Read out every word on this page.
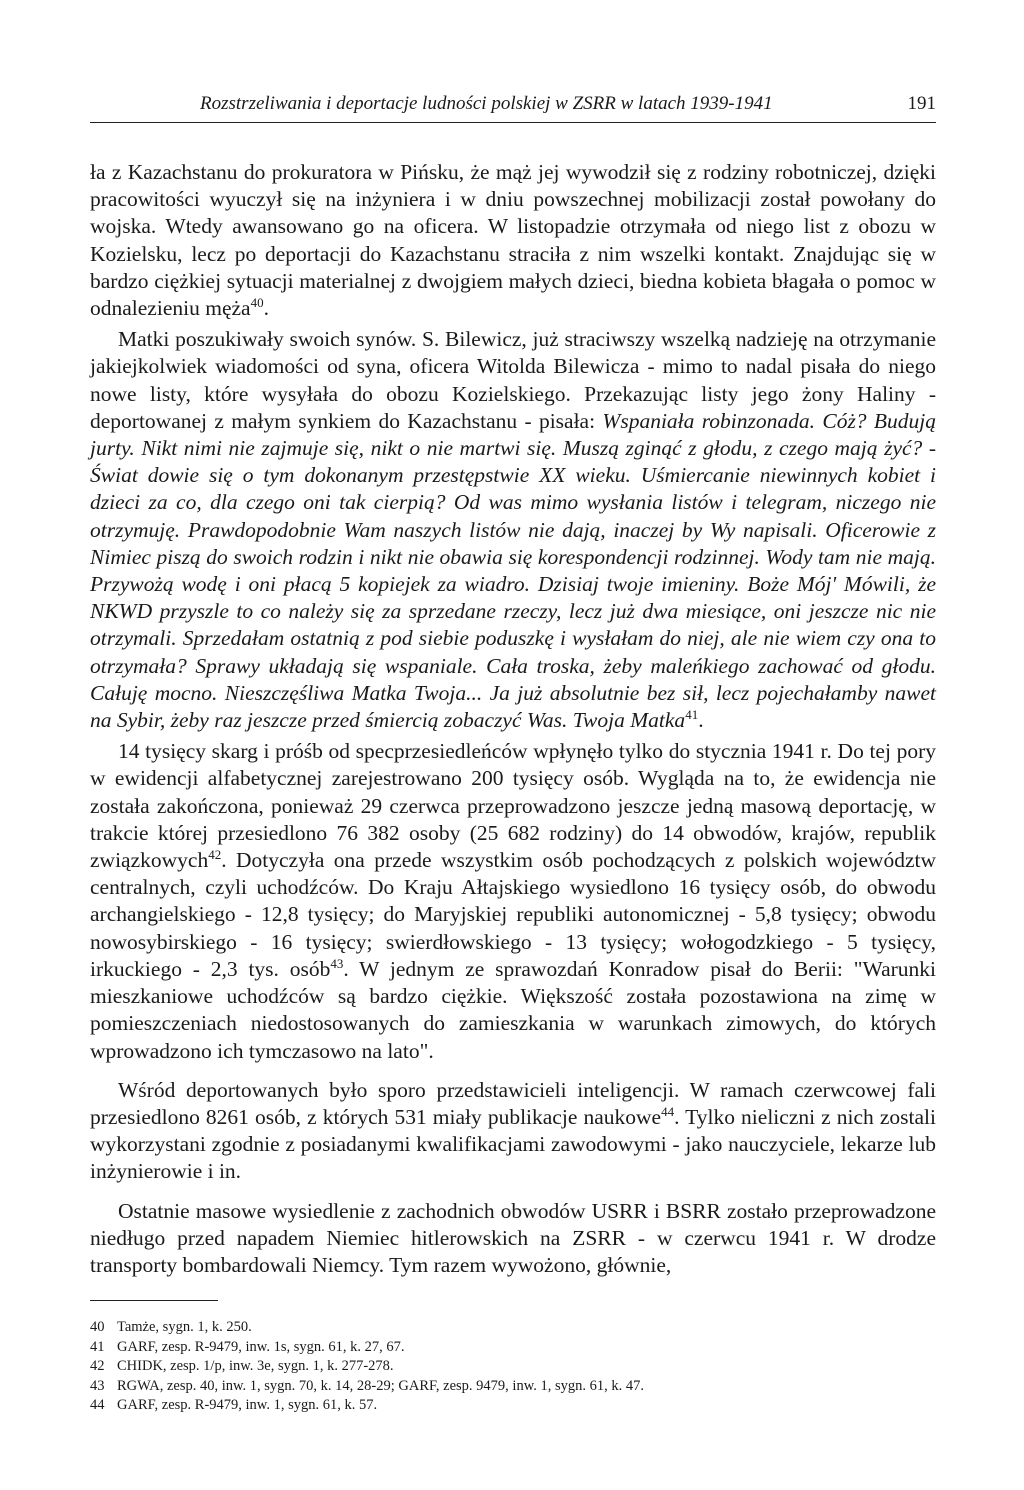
Rozstrzeliwania i deportacje ludności polskiej w ZSRR w latach 1939-1941	191

ła z Kazachstanu do prokuratora w Pińsku, że mąż jej wywodził się z rodziny robotniczej, dzięki pracowitości wyuczył się na inżyniera i w dniu powszechnej mobilizacji został powołany do wojska. Wtedy awansowano go na oficera. W listopadzie otrzymała od niego list z obozu w Kozielsku, lecz po deportacji do Kazachstanu straciła z nim wszelki kontakt. Znajdując się w bardzo ciężkiej sytuacji materialnej z dwojgiem małych dzieci, biedna kobieta błagała o pomoc w odnalezieniu męża$^{40}$.

Matki poszukiwały swoich synów. S. Bilewicz, już straciwszy wszelką nadzieję na otrzymanie jakiejkolwiek wiadomości od syna, oficera Witolda Bilewicza - mimo to nadal pisała do niego nowe listy, które wysyłała do obozu Kozielskiego. Przekazując listy jego żony Haliny - deportowanej z małym synkiem do Kazachstanu - pisała: Wspaniała robinzonada. Cóż? Budują jurty. Nikt nimi nie zajmuje się, nikt o nie martwi się. Muszą zginąć z głodu, z czego mają żyć? - Świat dowie się o tym dokonanym przestępstwie XX wieku. Uśmiercanie niewinnych kobiet i dzieci za co, dla czego oni tak cierpią? Od was mimo wysłania listów i telegram, niczego nie otrzymuję. Prawdopodobnie Wam naszych listów nie dają, inaczej by Wy napisali. Oficerowie z Nimiec piszą do swoich rodzin i nikt nie obawia się korespondencji rodzinnej. Wody tam nie mają. Przywożą wodę i oni płacą 5 kopiejek za wiadro. Dzisiaj twoje imieniny. Boże Mój' Mówili, że NKWD przyszle to co należy się za sprzedane rzeczy, lecz już dwa miesiące, oni jeszcze nic nie otrzymali. Sprzedałam ostatnią z pod siebie poduszkę i wysłałam do niej, ale nie wiem czy ona to otrzymała? Sprawy układają się wspaniale. Cała troska, żeby maleńkiego zachować od głodu. Całuję mocno. Nieszczęśliwa Matka Twoja... Ja już absolutnie bez sił, lecz pojechałamby nawet na Sybir, żeby raz jeszcze przed śmiercią zobaczyć Was. Twoja Matka$^{41}$.

14 tysięcy skarg i próśb od specprzesiedleńców wpłynęło tylko do stycznia 1941 r. Do tej pory w ewidencji alfabetycznej zarejestrowano 200 tysięcy osób. Wygląda na to, że ewidencja nie została zakończona, ponieważ 29 czerwca przeprowadzono jeszcze jedną masową deportację, w trakcie której przesiedlono 76 382 osoby (25 682 rodziny) do 14 obwodów, krajów, republik związkowych$^{42}$. Dotyczyła ona przede wszystkim osób pochodzących z polskich województw centralnych, czyli uchodźców. Do Kraju Ałtajskiego wysiedlono 16 tysięcy osób, do obwodu archangielskiego - 12,8 tysięcy; do Maryjskiej republiki autonomicznej - 5,8 tysięcy; obwodu nowosybirskiego - 16 tysięcy; swierdłowskiego - 13 tysięcy; wołogodzkiego - 5 tysięcy, irkuckiego - 2,3 tys. osób$^{43}$. W jednym ze sprawozdań Konradow pisał do Berii: "Warunki mieszkaniowe uchodźców są bardzo ciężkie. Większość została pozostawiona na zimę w pomieszczeniach niedostosowanych do zamieszkania w warunkach zimowych, do których wprowadzono ich tymczasowo na lato".

Wśród deportowanych było sporo przedstawicieli inteligencji. W ramach czerwcowej fali przesiedlono 8261 osób, z których 531 miały publikacje naukowe$^{44}$. Tylko nieliczni z nich zostali wykorzystani zgodnie z posiadanymi kwalifikacjami zawodowymi - jako nauczyciele, lekarze lub inżynierowie i in.

Ostatnie masowe wysiedlenie z zachodnich obwodów USRR i BSRR zostało przeprowadzone niedługo przed napadem Niemiec hitlerowskich na ZSRR - w czerwcu 1941 r. W drodze transporty bombardowali Niemcy. Tym razem wywożono, głównie,

40 Tamże, sygn. 1, k. 250.
41 GARF, zesp. R-9479, inw. 1s, sygn. 61, k. 27, 67.
42 CHIDK, zesp. 1/p, inw. 3e, sygn. 1, k. 277-278.
43 RGWA, zesp. 40, inw. 1, sygn. 70, k. 14, 28-29; GARF, zesp. 9479, inw. 1, sygn. 61, k. 47.
44 GARF, zesp. R-9479, inw. 1, sygn. 61, k. 57.
